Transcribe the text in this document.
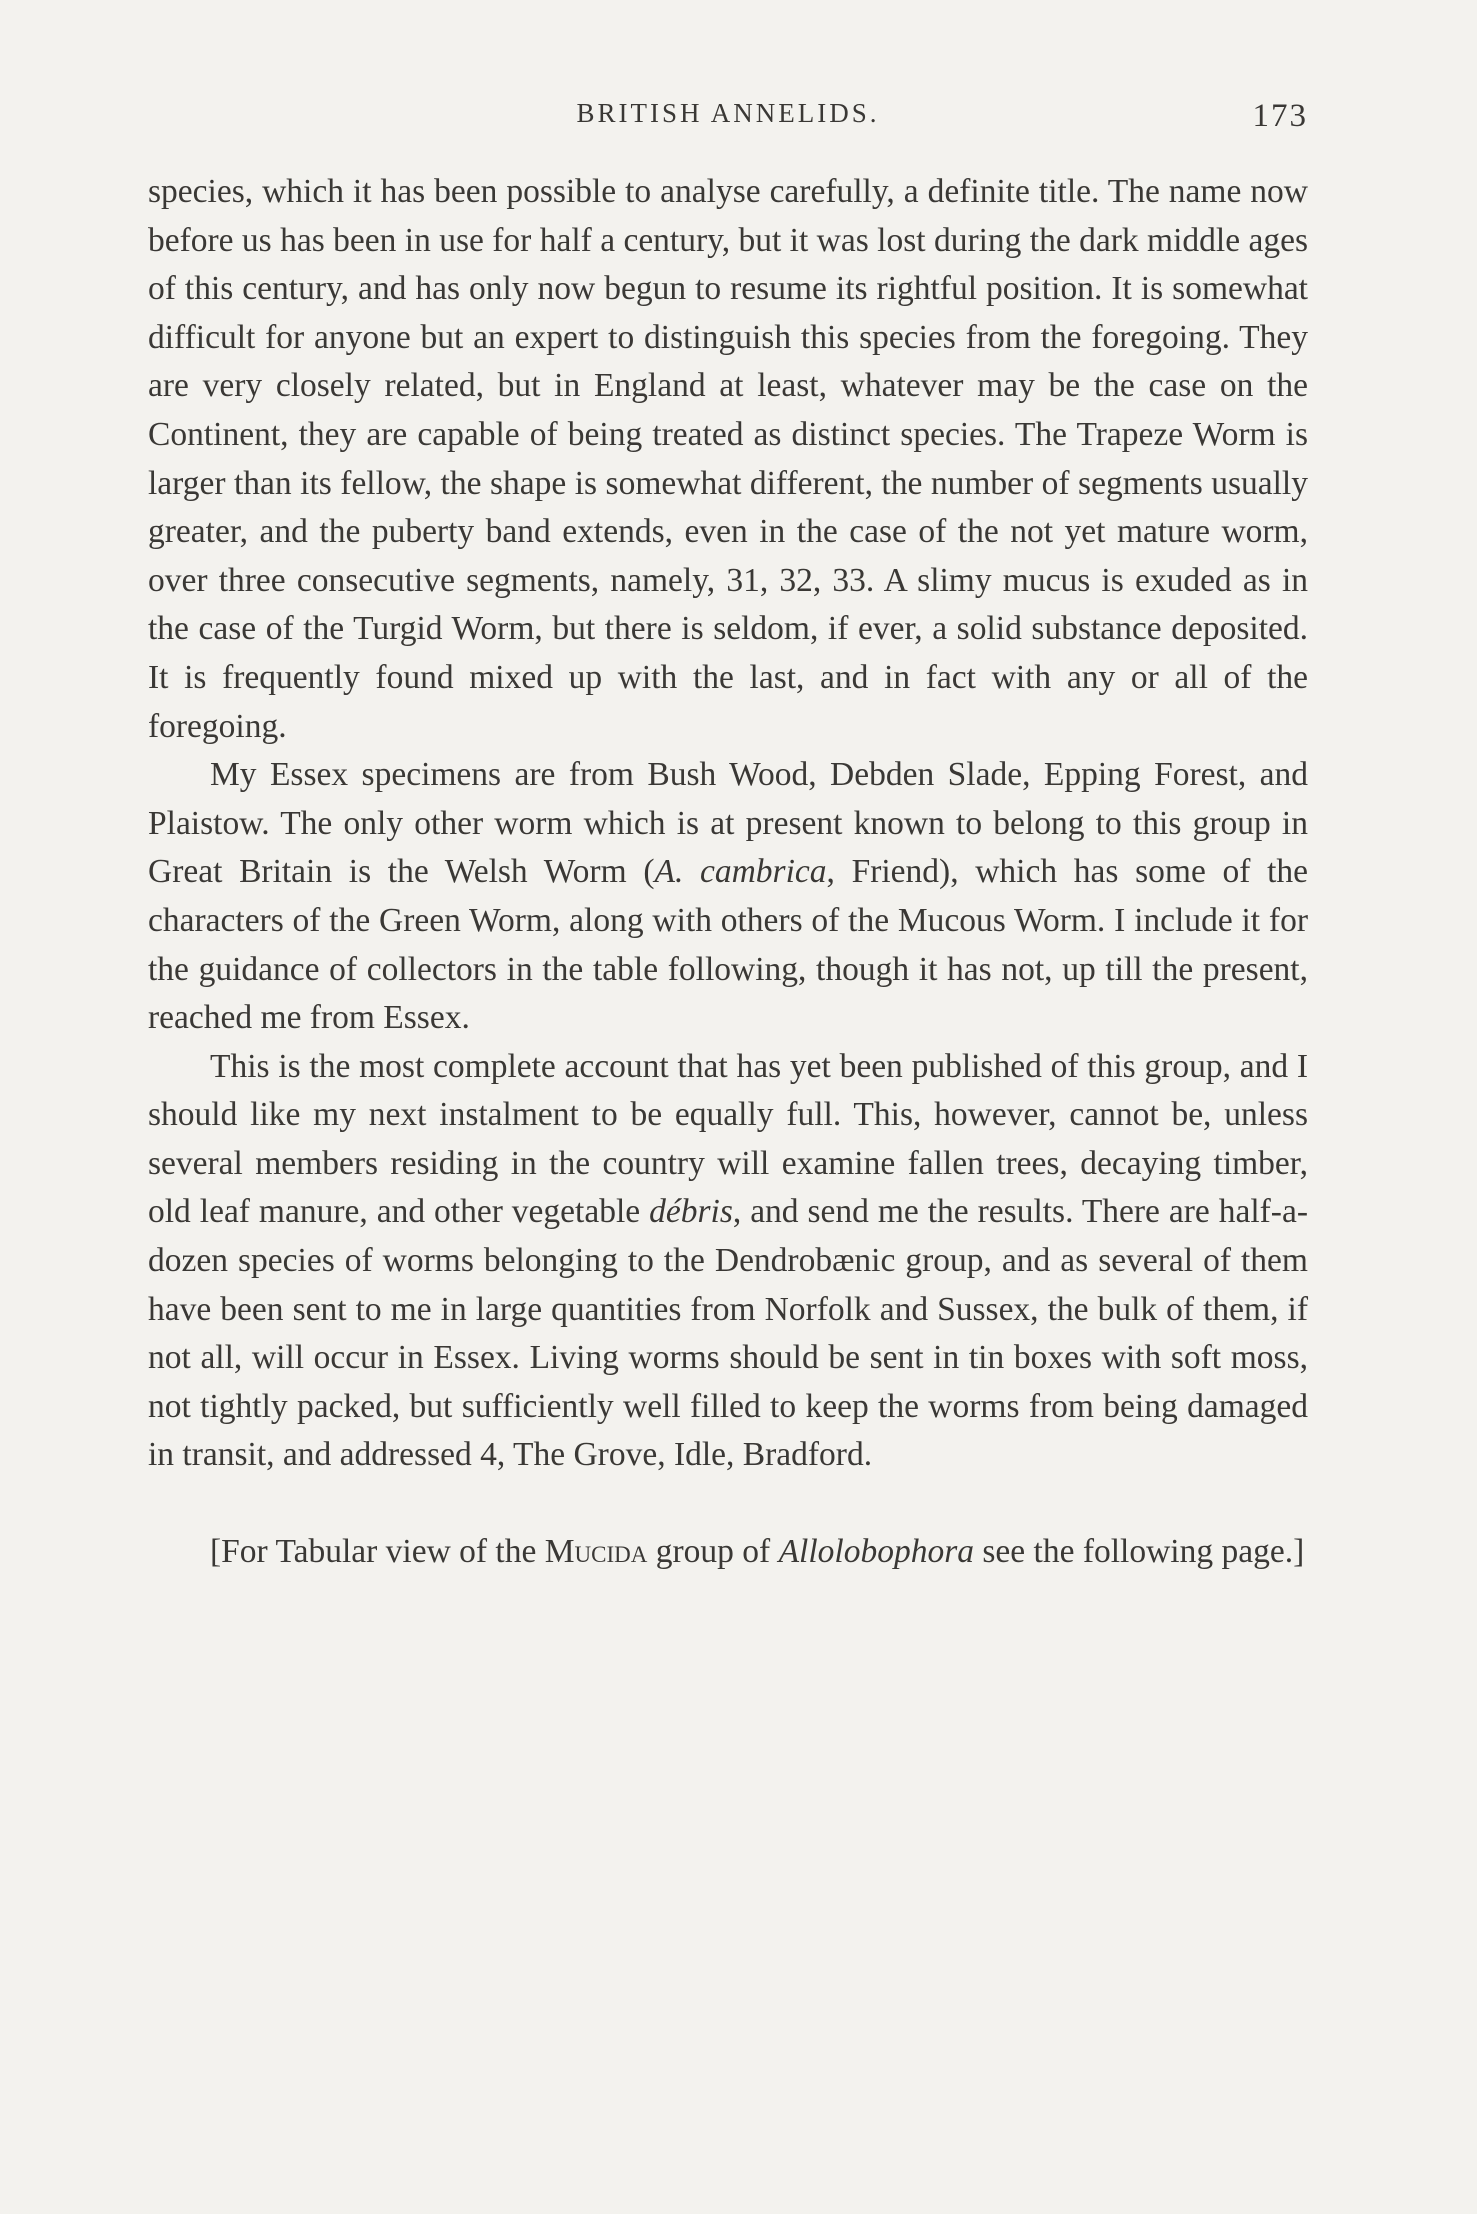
BRITISH ANNELIDS.	173

species, which it has been possible to analyse carefully, a definite title. The name now before us has been in use for half a century, but it was lost during the dark middle ages of this century, and has only now begun to resume its rightful position. It is somewhat difficult for anyone but an expert to distinguish this species from the foregoing. They are very closely related, but in England at least, whatever may be the case on the Continent, they are capable of being treated as distinct species. The Trapeze Worm is larger than its fellow, the shape is somewhat different, the number of segments usually greater, and the puberty band extends, even in the case of the not yet mature worm, over three consecutive segments, namely, 31, 32, 33. A slimy mucus is exuded as in the case of the Turgid Worm, but there is seldom, if ever, a solid substance deposited. It is frequently found mixed up with the last, and in fact with any or all of the foregoing.

My Essex specimens are from Bush Wood, Debden Slade, Epping Forest, and Plaistow. The only other worm which is at present known to belong to this group in Great Britain is the Welsh Worm (A. cambrica, Friend), which has some of the characters of the Green Worm, along with others of the Mucous Worm. I include it for the guidance of collectors in the table following, though it has not, up till the present, reached me from Essex.

This is the most complete account that has yet been published of this group, and I should like my next instalment to be equally full. This, however, cannot be, unless several members residing in the country will examine fallen trees, decaying timber, old leaf manure, and other vegetable débris, and send me the results. There are half-a-dozen species of worms belonging to the Dendrobænic group, and as several of them have been sent to me in large quantities from Norfolk and Sussex, the bulk of them, if not all, will occur in Essex. Living worms should be sent in tin boxes with soft moss, not tightly packed, but sufficiently well filled to keep the worms from being damaged in transit, and addressed 4, The Grove, Idle, Bradford.

[For Tabular view of the Mucida group of Allolobophora see the following page.]
